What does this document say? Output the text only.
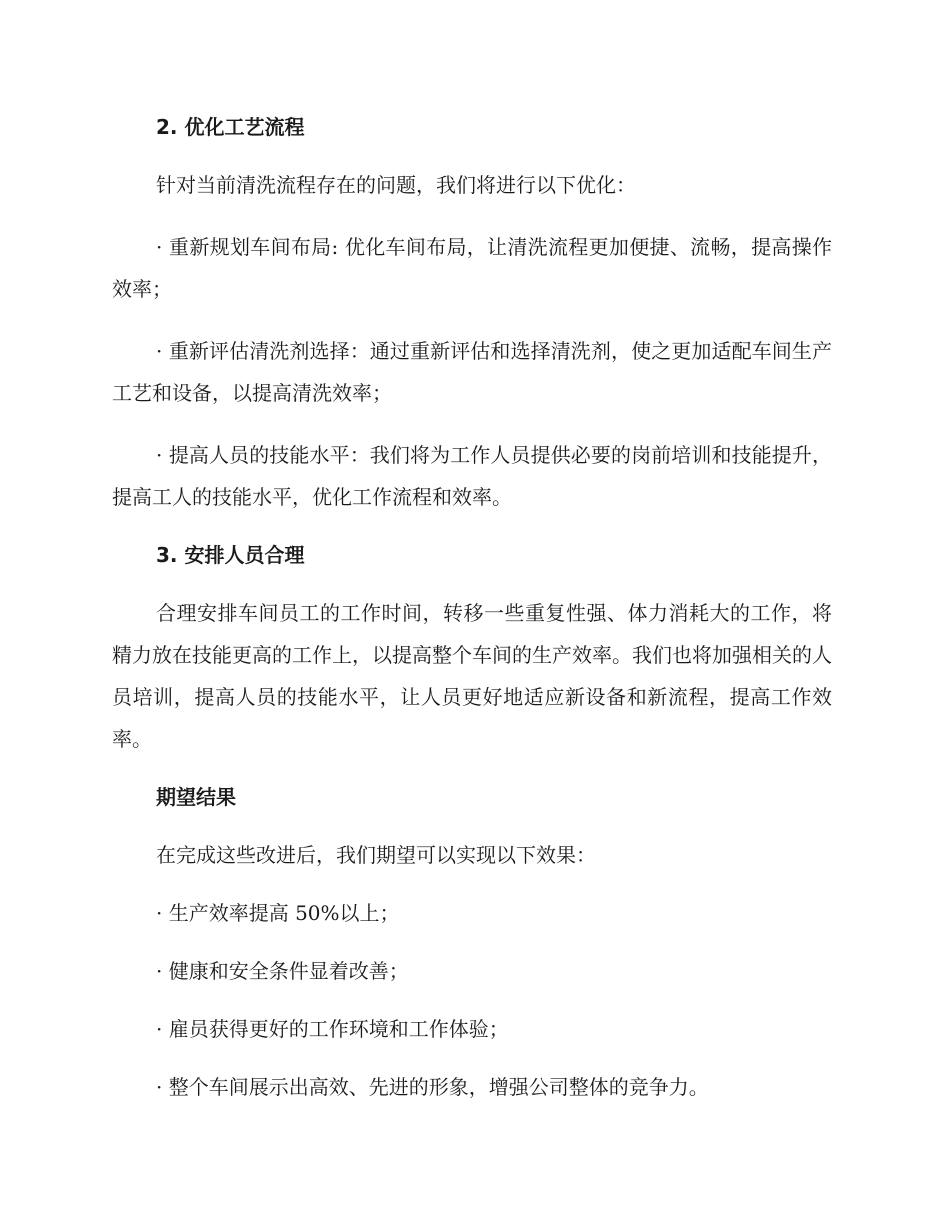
2. 优化工艺流程

针对当前清洗流程存在的问题，我们将进行以下优化：

· 重新规划车间布局: 优化车间布局，让清洗流程更加便捷、流畅，提高操作效率；

· 重新评估清洗剂选择：通过重新评估和选择清洗剂，使之更加适配车间生产工艺和设备，以提高清洗效率；

· 提高人员的技能水平：我们将为工作人员提供必要的岗前培训和技能提升，提高工人的技能水平，优化工作流程和效率。

3. 安排人员合理

合理安排车间员工的工作时间，转移一些重复性强、体力消耗大的工作，将精力放在技能更高的工作上，以提高整个车间的生产效率。我们也将加强相关的人员培训，提高人员的技能水平，让人员更好地适应新设备和新流程，提高工作效率。

期望结果

在完成这些改进后，我们期望可以实现以下效果：

· 生产效率提高 50%以上；

· 健康和安全条件显着改善；

· 雇员获得更好的工作环境和工作体验；

· 整个车间展示出高效、先进的形象，增强公司整体的竞争力。
